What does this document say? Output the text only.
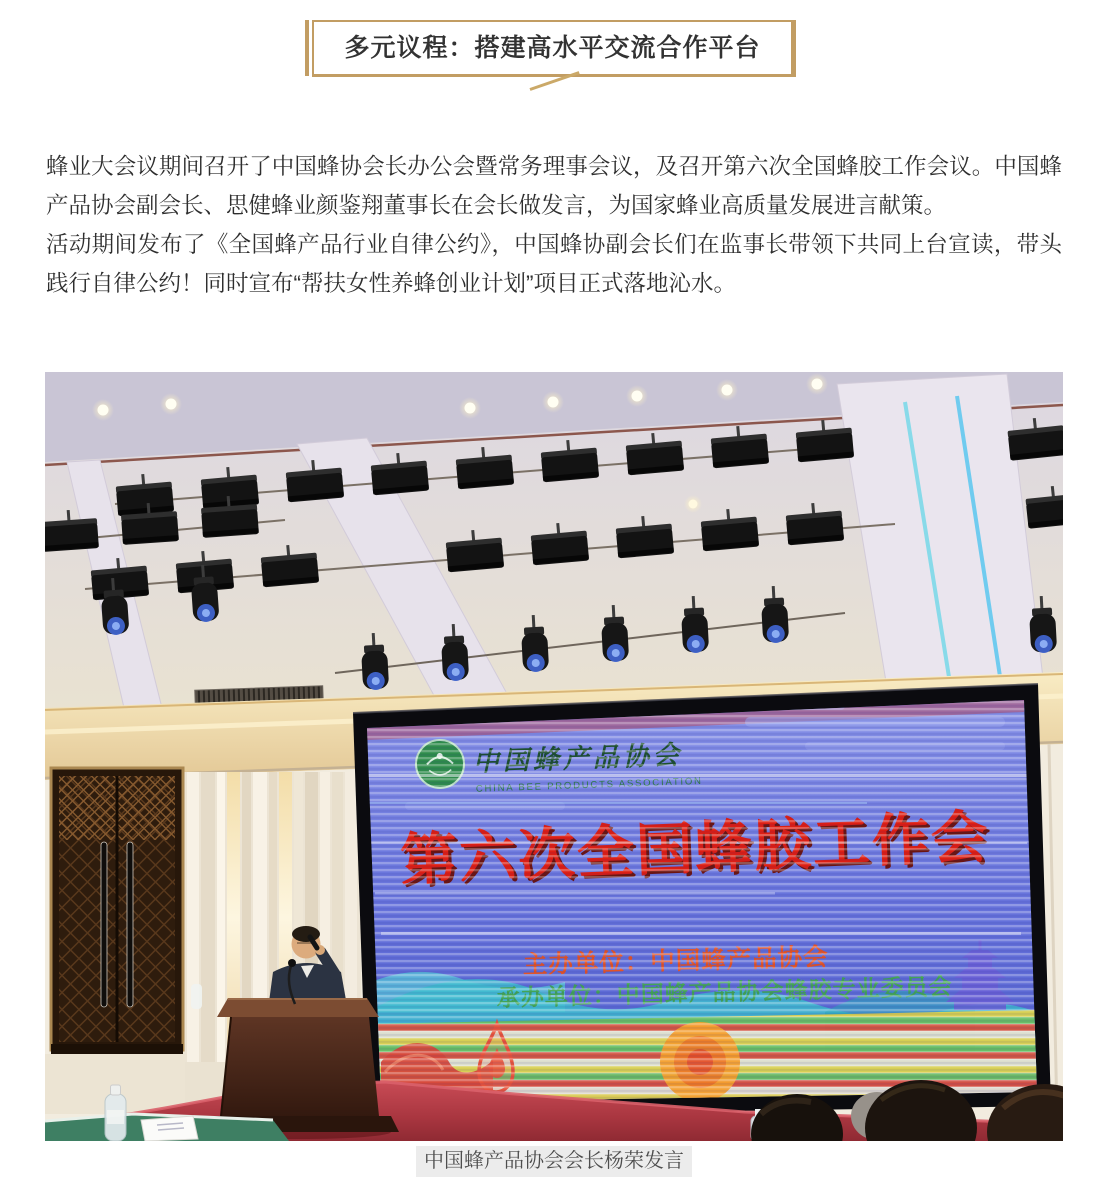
多元议程：搭建高水平交流合作平台

蜂业大会议期间召开了中国蜂协会长办公会暨常务理事会议，及召开第六次全国蜂胶工作会议。中国蜂产品协会副会长、思健蜂业颜鉴翔董事长在会长做发言，为国家蜂业高质量发展进言献策。

活动期间发布了《全国蜂产品行业自律公约》，中国蜂协副会长们在监事长带领下共同上台宣读，带头践行自律公约！同时宣布“帮扶女性养蜂创业计划”项目正式落地沁水。

中国蜂产品协会会长杨荣发言
